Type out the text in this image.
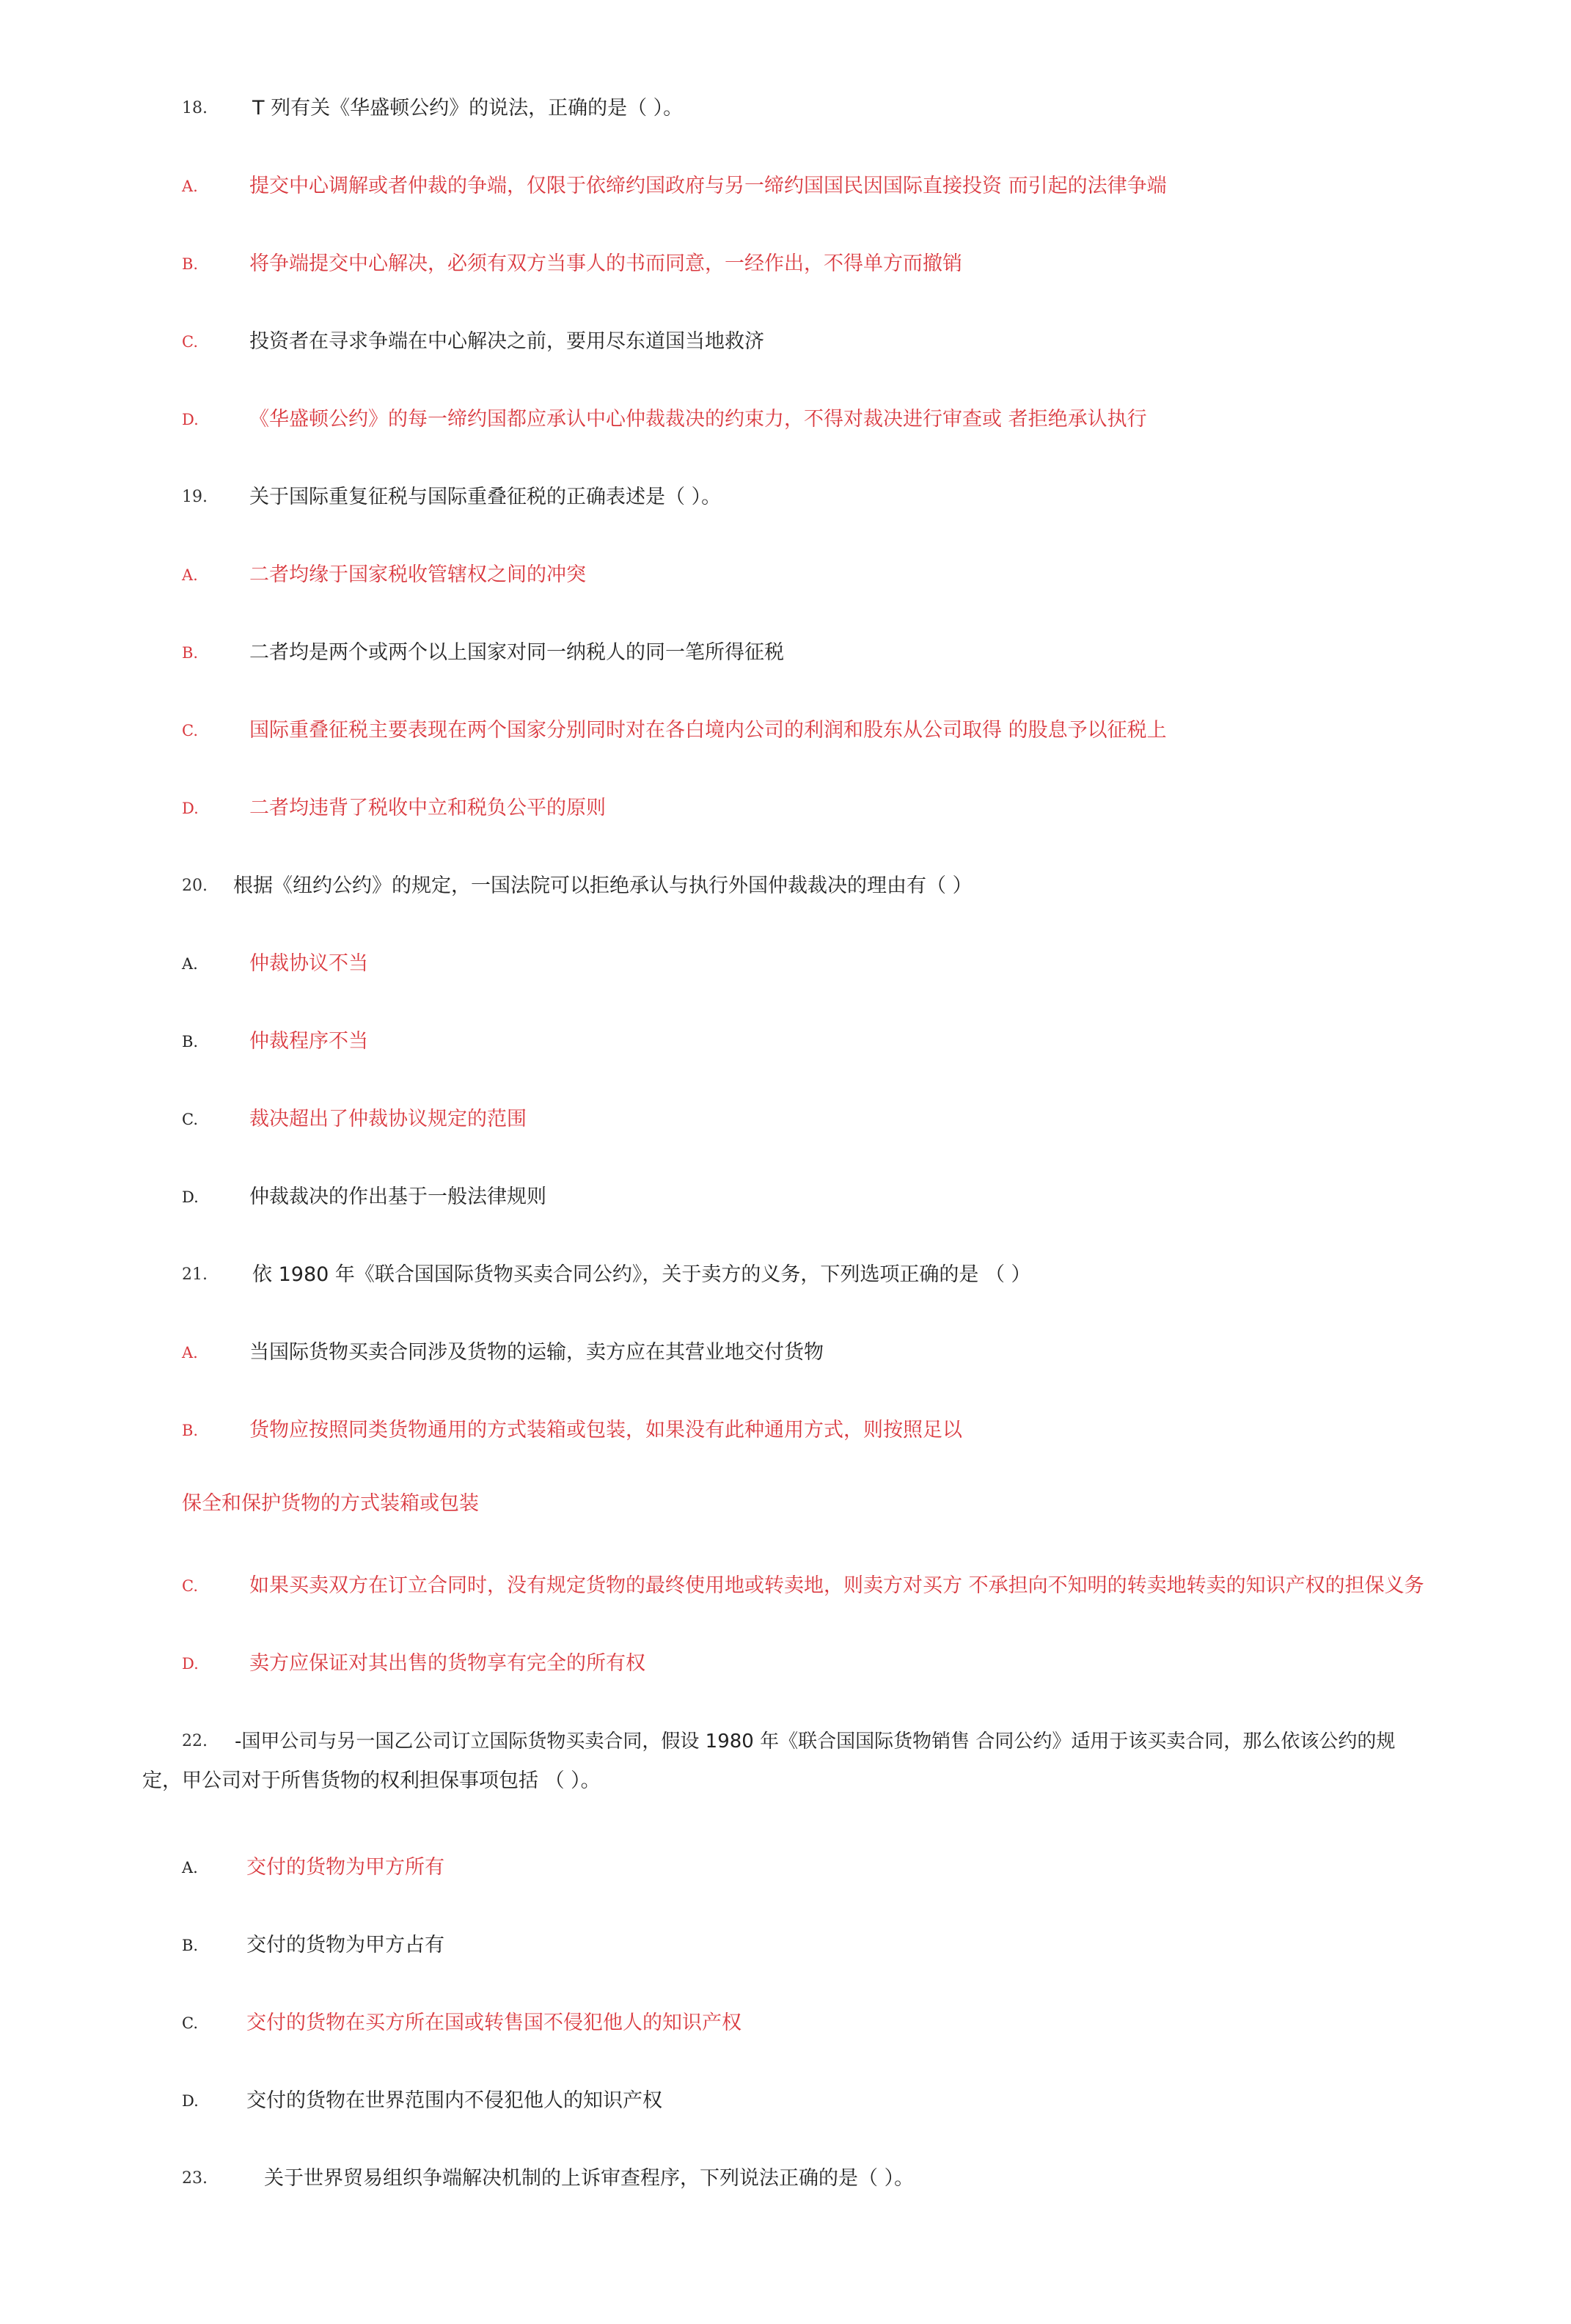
18. T 列有关《华盛顿公约》的说法，正确的是（ ）。
A.	提交中心调解或者仲裁的争端，仅限于依缔约国政府与另一缔约国国民因国际直接投资 而引起的法律争端
B.	将争端提交中心解决，必须有双方当事人的书而同意，一经作出，不得单方而撤销
C.	投资者在寻求争端在中心解决之前，要用尽东道国当地救济
D.	《华盛顿公约》的每一缔约国都应承认中心仲裁裁决的约束力，不得对裁决进行审查或 者拒绝承认执行
19. 关于国际重复征税与国际重叠征税的正确表述是（ ）。
A.	二者均缘于国家税收管辖权之间的冲突
B.	二者均是两个或两个以上国家对同一纳税人的同一笔所得征税
C.	国际重叠征税主要表现在两个国家分别同时对在各白境内公司的利润和股东从公司取得 的股息予以征税上
D.	二者均违背了税收中立和税负公平的原则
20. 根据《纽约公约》的规定，一国法院可以拒绝承认与执行外国仲裁裁决的理由有（ ）
A.	仲裁协议不当
B.	仲裁程序不当
C.	裁决超出了仲裁协议规定的范围
D.	仲裁裁决的作出基于一般法律规则
21. 依 1980 年《联合国国际货物买卖合同公约》，关于卖方的义务，下列选项正确的是 （ ）
A.	当国际货物买卖合同涉及货物的运输，卖方应在其营业地交付货物
B.	货物应按照同类货物通用的方式装箱或包装，如果没有此种通用方式，则按照足以
保全和保护货物的方式装箱或包装
C.	如果买卖双方在订立合同时，没有规定货物的最终使用地或转卖地，则卖方对买方 不承担向不知明的转卖地转卖的知识产权的担保义务
D.	卖方应保证对其出售的货物享有完全的所有权
22. -国甲公司与另一国乙公司订立国际货物买卖合同，假设 1980 年《联合国国际货物销售 合同公约》适用于该买卖合同，那么依该公约的规
定，甲公司对于所售货物的权利担保事项包括 （ ）。
A. 交付的货物为甲方所有
B. 交付的货物为甲方占有
C. 交付的货物在买方所在国或转售国不侵犯他人的知识产权
D. 交付的货物在世界范围内不侵犯他人的知识产权
23.	关于世界贸易组织争端解决机制的上诉审查程序，下列说法正确的是（ ）。
